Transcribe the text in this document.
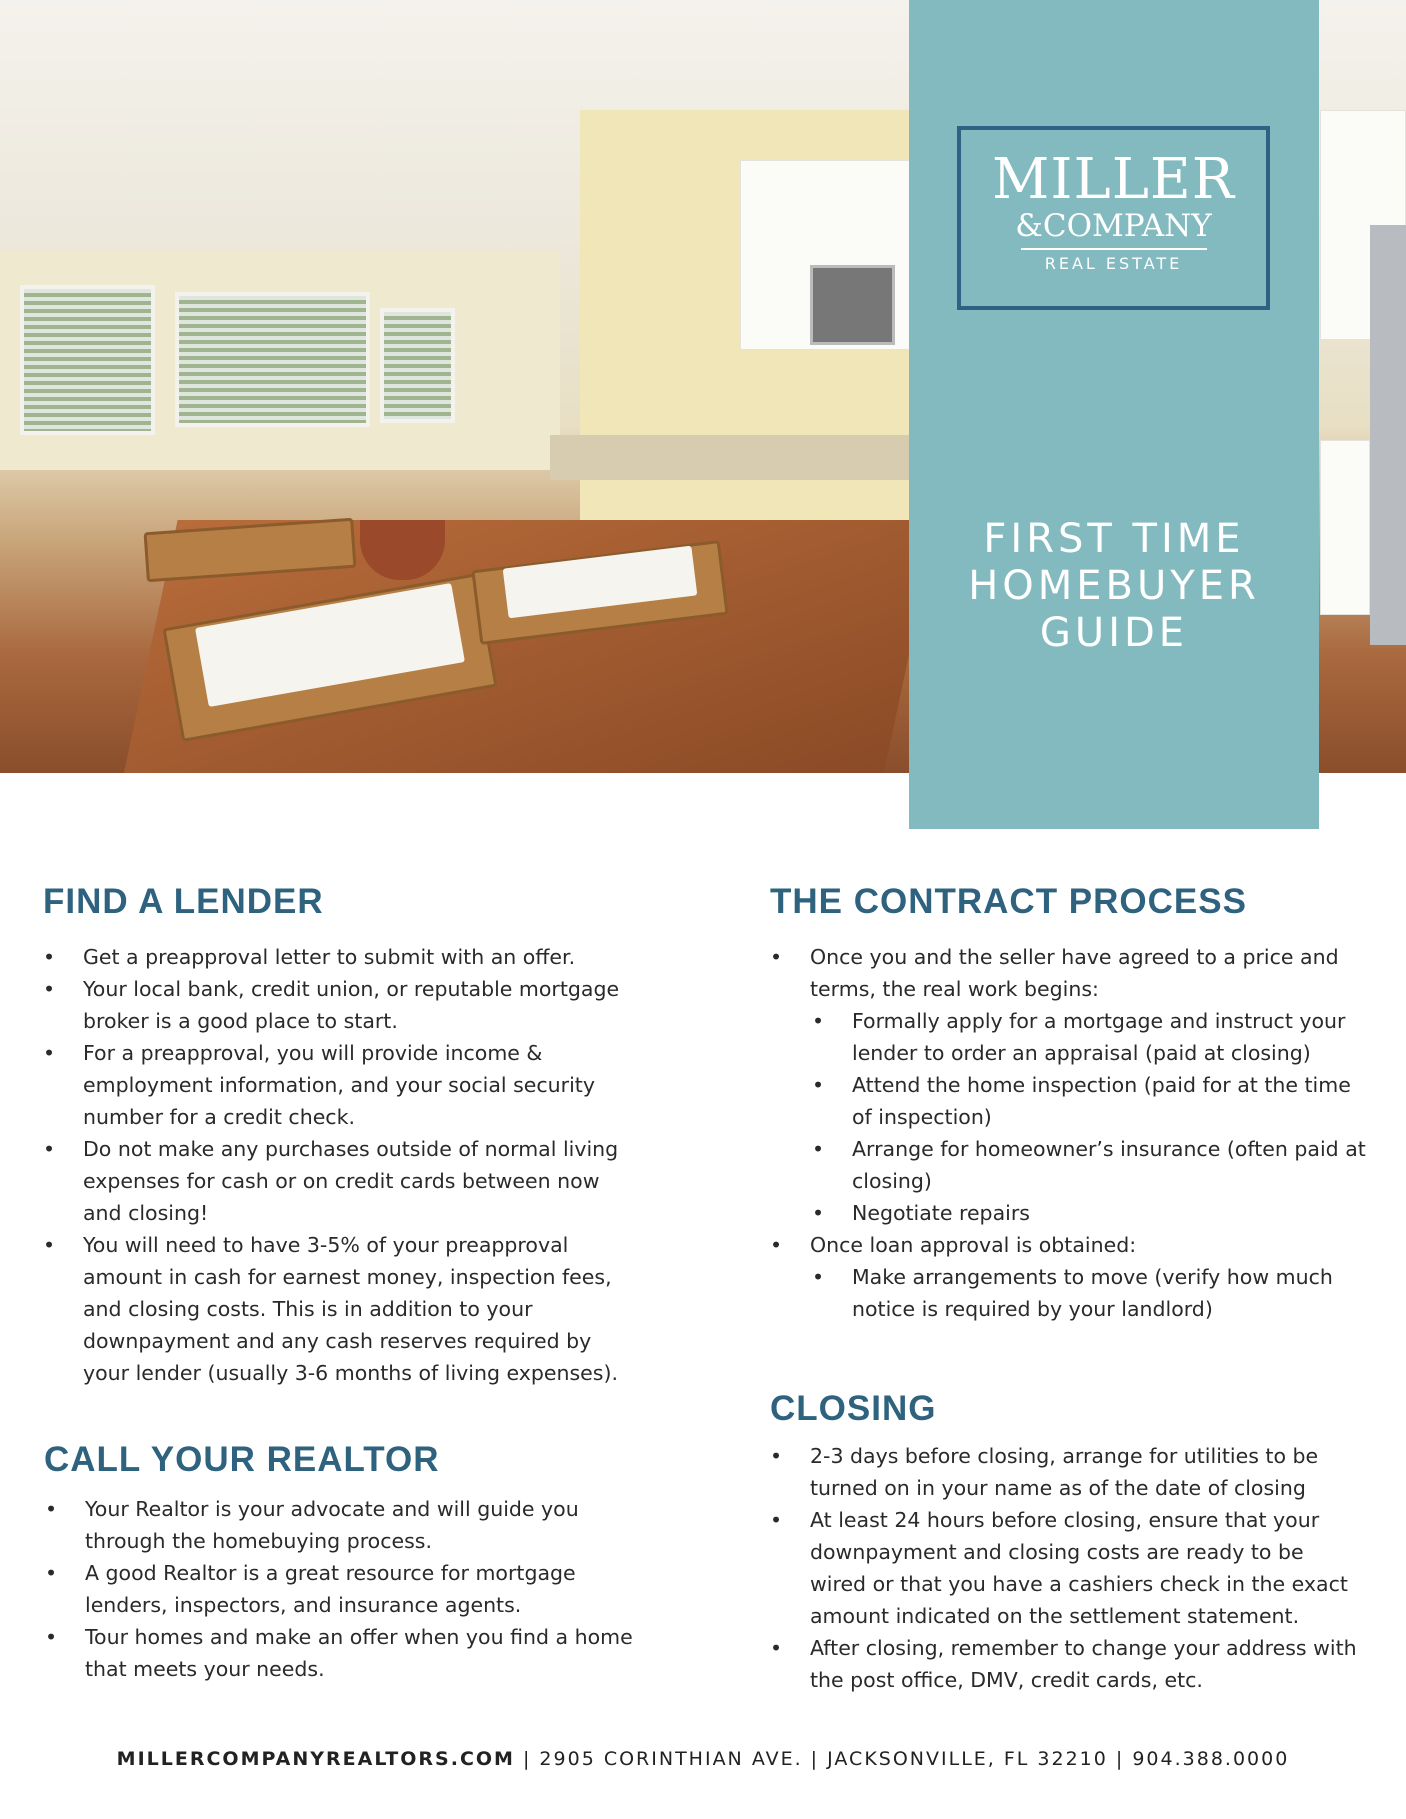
MILLER
&COMPANY
REAL ESTATE
FIRST TIME
HOMEBUYER
GUIDE
FIND A LENDER
• Get a preapproval letter to submit with an offer.
• Your local bank, credit union, or reputable mortgage broker is a good place to start.
• For a preapproval, you will provide income & employment information, and your social security number for a credit check.
• Do not make any purchases outside of normal living expenses for cash or on credit cards between now and closing!
• You will need to have 3-5% of your preapproval amount in cash for earnest money, inspection fees, and closing costs. This is in addition to your downpayment and any cash reserves required by your lender (usually 3-6 months of living expenses).
CALL YOUR REALTOR
• Your Realtor is your advocate and will guide you through the homebuying process.
• A good Realtor is a great resource for mortgage lenders, inspectors, and insurance agents.
• Tour homes and make an offer when you find a home that meets your needs.
THE CONTRACT PROCESS
• Once you and the seller have agreed to a price and terms, the real work begins:
• Formally apply for a mortgage and instruct your lender to order an appraisal (paid at closing)
• Attend the home inspection (paid for at the time of inspection)
• Arrange for homeowner’s insurance (often paid at closing)
• Negotiate repairs
• Once loan approval is obtained:
• Make arrangements to move (verify how much notice is required by your landlord)
CLOSING
• 2-3 days before closing, arrange for utilities to be turned on in your name as of the date of closing
• At least 24 hours before closing, ensure that your downpayment and closing costs are ready to be wired or that you have a cashiers check in the exact amount indicated on the settlement statement.
• After closing, remember to change your address with the post office, DMV, credit cards, etc.
MILLERCOMPANYREALTORS.COM | 2905 CORINTHIAN AVE. | JACKSONVILLE, FL 32210 | 904.388.0000
